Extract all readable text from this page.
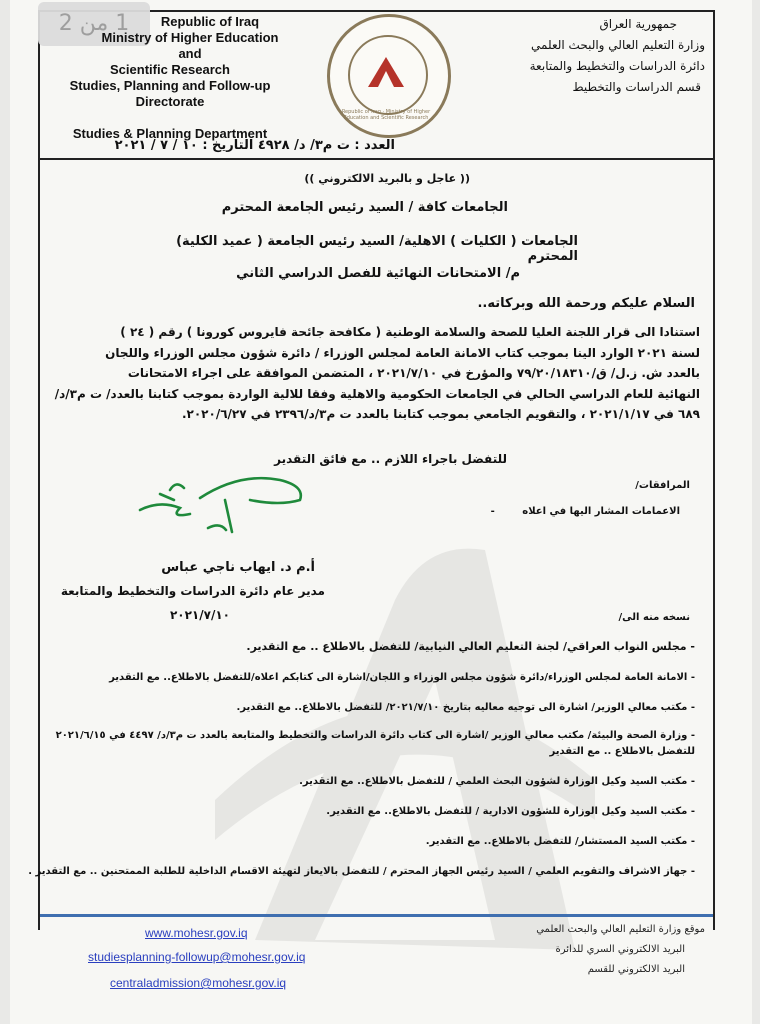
1 من 2	Republic of Iraq
Ministry of Higher Education and
Scientific Research
Studies, Planning and Follow-up
Directorate
Studies & Planning Department
Republic of Iraq · Ministry of Higher Education and Scientific Research
جمهورية العراق
وزارة التعليم العالي والبحث العلمي
دائرة الدراسات والتخطيط والمتابعة
قسم الدراسات والتخطيط
العدد : ت م٣/ د/ ٤٩٢٨ التاريخ : ١٠ / ٧ / ٢٠٢١
(( عاجل و بالبريد الالكتروني ))
الجامعات كافة / السيد رئيس الجامعة المحترم
الجامعات ( الكليات ) الاهلية/ السيد رئيس الجامعة ( عميد الكلية) المحترم
م/ الامتحانات النهائية للفصل الدراسي الثاني
السلام عليكم ورحمة الله وبركاته..
استنادا الى قرار اللجنة العليا للصحة والسلامة الوطنية ( مكافحة جائحة فايروس كورونا ) رقم ( ٢٤ )
لسنة ٢٠٢١ الوارد الينا بموجب كتاب الامانة العامة لمجلس الوزراء / دائرة شؤون مجلس الوزراء واللجان
بالعدد ش. ز.ل/ ق/٧٩/٢٠/١٨٣١٠ والمؤرخ في ٢٠٢١/٧/١٠ ، المتضمن الموافقة على اجراء الامتحانات
النهائية للعام الدراسي الحالي في الجامعات الحكومية والاهلية وفقا للالية الواردة بموجب كتابنا بالعدد/ ت م٣/د/
٦٨٩ في ٢٠٢١/١/١٧ ، والتقويم الجامعي بموجب كتابنا بالعدد ت م٣/د/٢٣٩٦ في ٢٠٢٠/٦/٢٧.
للتفضل باجراء اللازم .. مع فائق التقدير
المرافقات/
الاعمامات المشار اليها في اعلاه -
أ.م د. ايهاب ناجي عباس
مدير عام دائرة الدراسات والتخطيط والمتابعة
٢٠٢١/٧/١٠	نسخه منه الى/
- مجلس النواب العراقي/ لجنة التعليم العالي النيابية/ للتفضل بالاطلاع .. مع التقدير.
- الامانة العامة لمجلس الوزراء/دائرة شؤون مجلس الوزراء و اللجان/اشارة الى كتابكم اعلاه/للتفضل بالاطلاع.. مع التقدير
- مكتب معالي الوزير/ اشارة الى توجيه معاليه بتاريخ ٢٠٢١/٧/١٠/ للتفضل بالاطلاع.. مع التقدير.
- وزارة الصحة والبيئة/ مكتب معالي الوزير /اشارة الى كتاب دائرة الدراسات والتخطيط والمتابعة بالعدد ت م٣/د/ ٤٤٩٧ في ٢٠٢١/٦/١٥
للتفضل بالاطلاع .. مع التقدير
- مكتب السيد وكيل الوزارة لشؤون البحث العلمي / للتفضل بالاطلاع.. مع التقدير.
- مكتب السيد وكيل الوزارة للشؤون الادارية / للتفضل بالاطلاع.. مع التقدير.
- مكتب السيد المستشار/ للتفضل بالاطلاع.. مع التقدير.
- جهاز الاشراف والتقويم العلمي / السيد رئيس الجهاز المحترم / للتفضل بالايعاز لتهيئة الاقسام الداخلية للطلبة الممتحنين .. مع التقدير .
www.mohesr.gov.iq
studiesplanning-followup@mohesr.gov.iq
centraladmission@mohesr.gov.iq
موقع وزارة التعليم العالي والبحث العلمي
البريد الالكتروني السري للدائرة
البريد الالكتروني للقسم
